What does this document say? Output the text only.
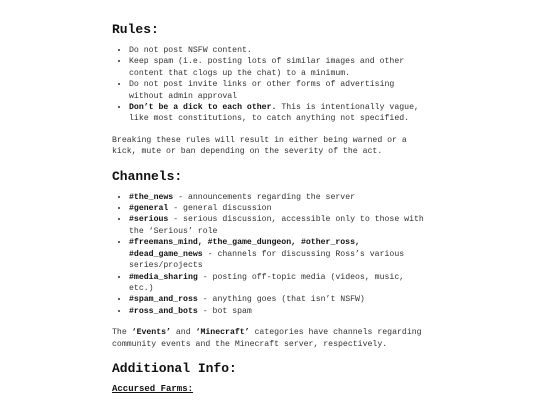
Rules:
• Do not post NSFW content.
• Keep spam (i.e. posting lots of similar images and other content that clogs up the chat) to a minimum.
• Do not post invite links or other forms of advertising without admin approval
• Don’t be a dick to each other. This is intentionally vague, like most constitutions, to catch anything not specified.

Breaking these rules will result in either being warned or a kick, mute or ban depending on the severity of the act.

Channels:
• #the_news - announcements regarding the server
• #general - general discussion
• #serious - serious discussion, accessible only to those with the ‘Serious’ role
• #freemans_mind, #the_game_dungeon, #other_ross, #dead_game_news - channels for discussing Ross’s various series/projects
• #media_sharing - posting off-topic media (videos, music, etc.)
• #spam_and_ross - anything goes (that isn’t NSFW)
• #ross_and_bots - bot spam

The ‘Events’ and ‘Minecraft’ categories have channels regarding community events and the Minecraft server, respectively.

Additional Info:
Accursed Farms:
